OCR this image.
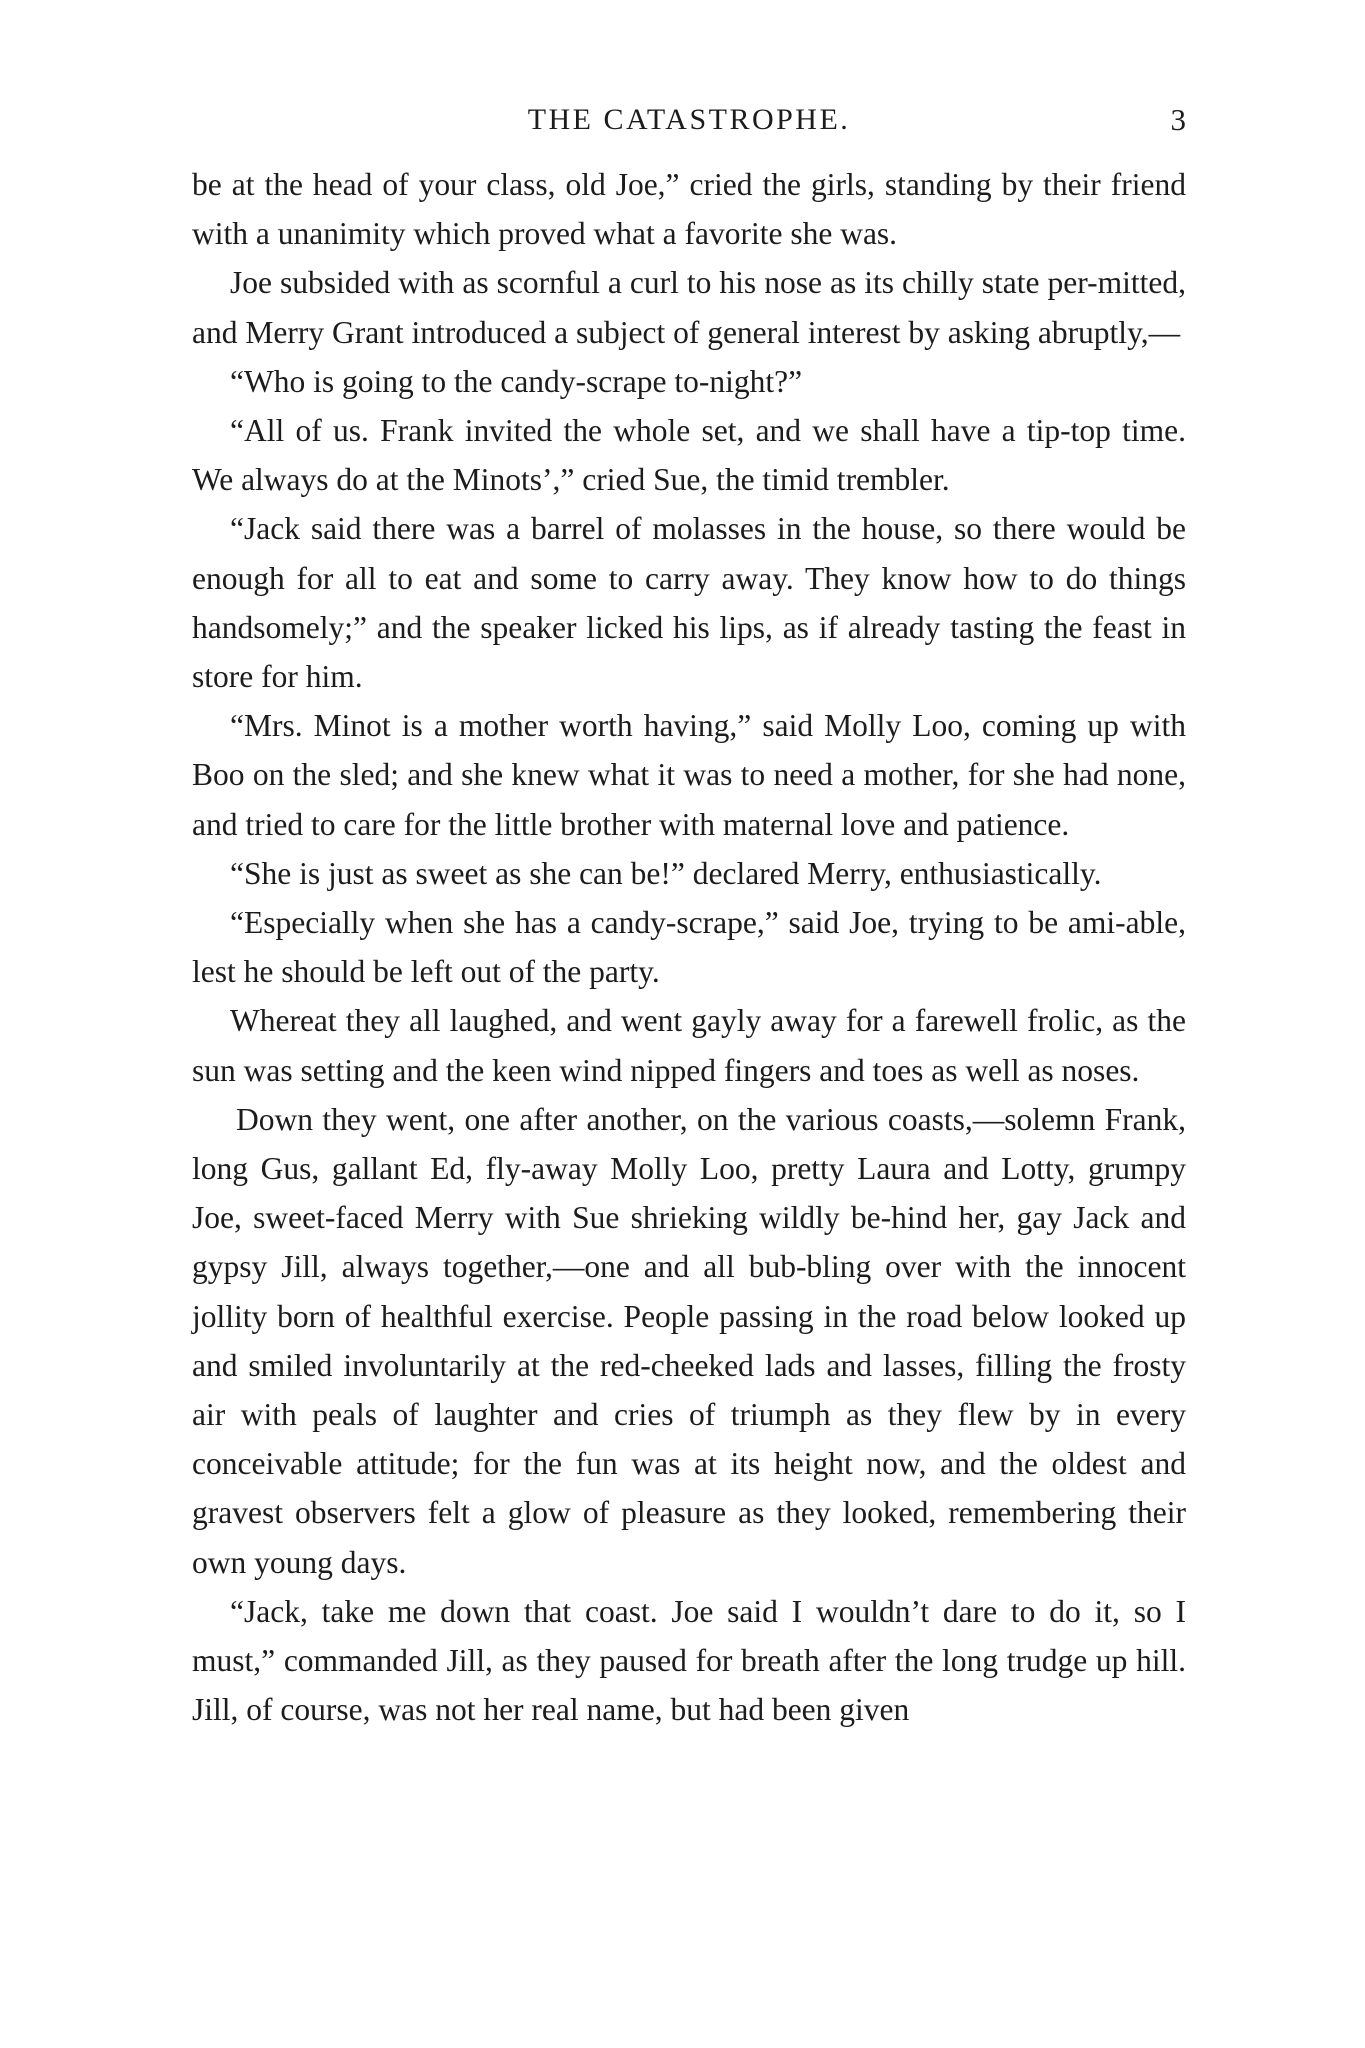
THE CATASTROPHE.	3

be at the head of your class, old Joe,” cried the girls, standing by their friend with a unanimity which proved what a favorite she was.

Joe subsided with as scornful a curl to his nose as its chilly state per-mitted, and Merry Grant introduced a subject of general interest by asking abruptly,—

“Who is going to the candy-scrape to-night?”

“All of us. Frank invited the whole set, and we shall have a tip-top time. We always do at the Minots’,” cried Sue, the timid trembler.

“Jack said there was a barrel of molasses in the house, so there would be enough for all to eat and some to carry away. They know how to do things handsomely;” and the speaker licked his lips, as if already tasting the feast in store for him.

“Mrs. Minot is a mother worth having,” said Molly Loo, coming up with Boo on the sled; and she knew what it was to need a mother, for she had none, and tried to care for the little brother with maternal love and patience.

“She is just as sweet as she can be!” declared Merry, enthusiastically.

“Especially when she has a candy-scrape,” said Joe, trying to be ami-able, lest he should be left out of the party.

Whereat they all laughed, and went gayly away for a farewell frolic, as the sun was setting and the keen wind nipped fingers and toes as well as noses.

Down they went, one after another, on the various coasts,—solemn Frank, long Gus, gallant Ed, fly-away Molly Loo, pretty Laura and Lotty, grumpy Joe, sweet-faced Merry with Sue shrieking wildly be-hind her, gay Jack and gypsy Jill, always together,—one and all bub-bling over with the innocent jollity born of healthful exercise. People passing in the road below looked up and smiled involuntarily at the red-cheeked lads and lasses, filling the frosty air with peals of laughter and cries of triumph as they flew by in every conceivable attitude; for the fun was at its height now, and the oldest and gravest observers felt a glow of pleasure as they looked, remembering their own young days.

“Jack, take me down that coast. Joe said I wouldn’t dare to do it, so I must,” commanded Jill, as they paused for breath after the long trudge up hill. Jill, of course, was not her real name, but had been given
